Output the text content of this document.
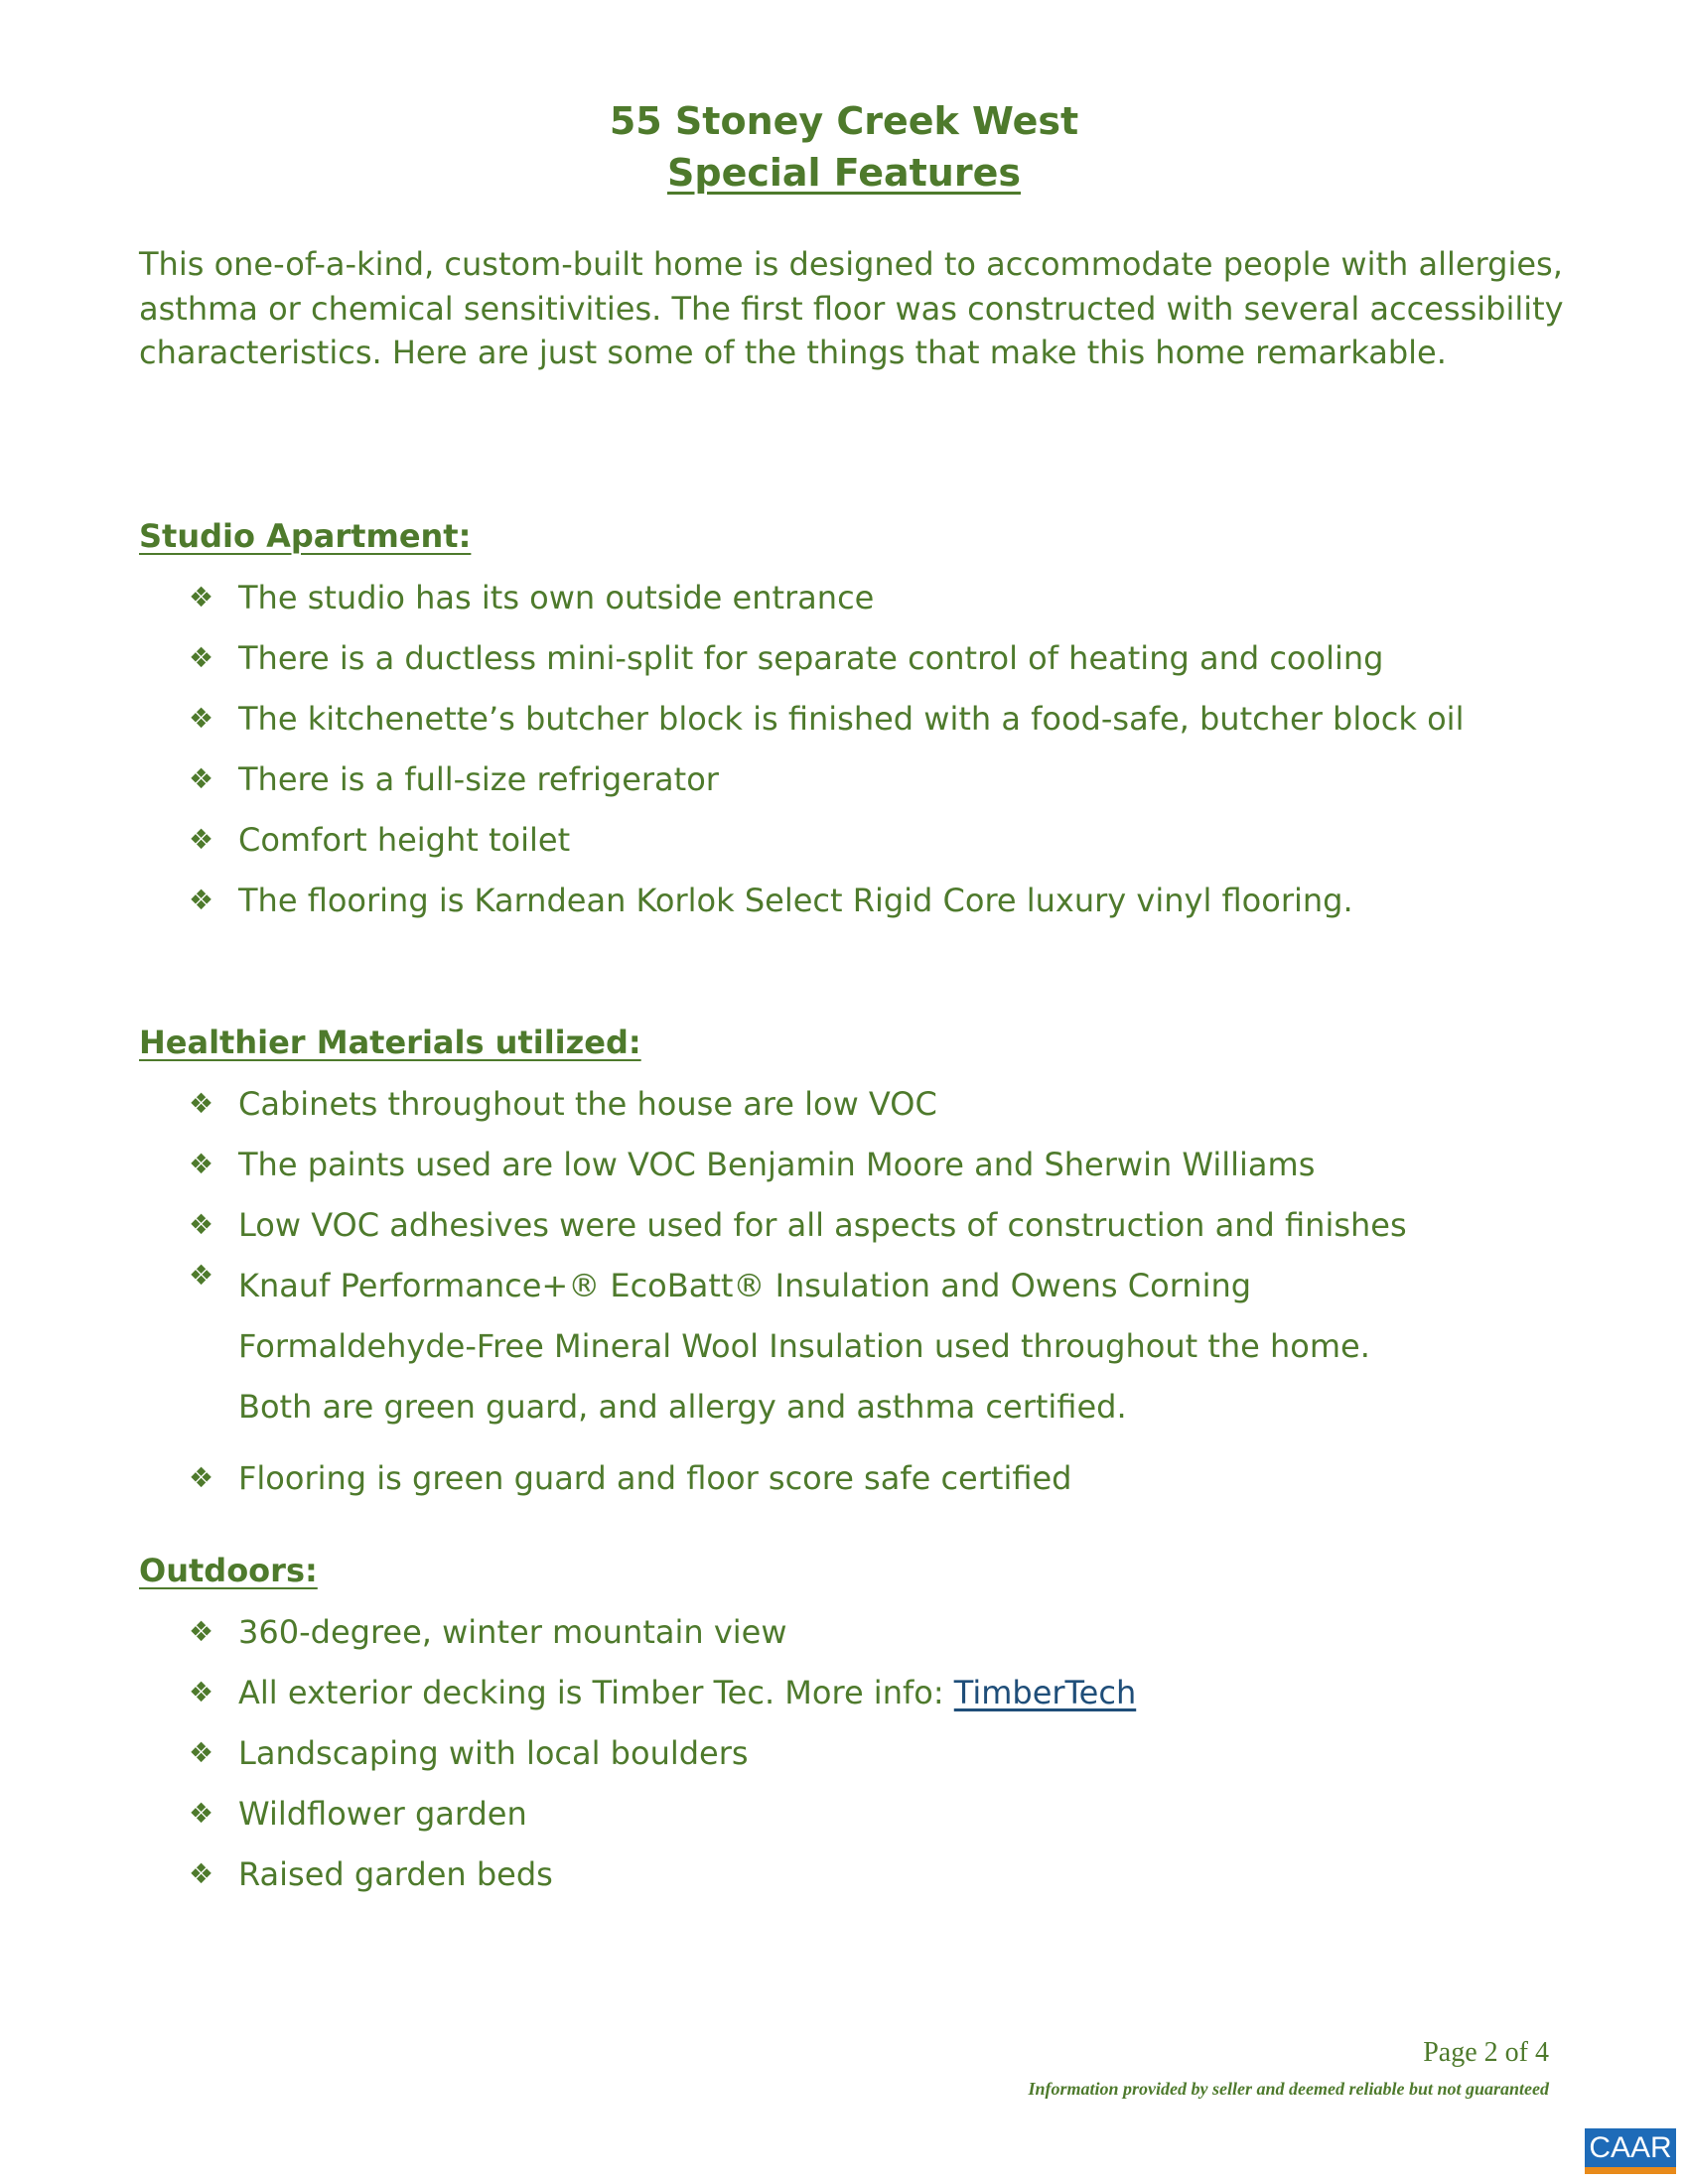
55 Stoney Creek West
Special Features

This one-of-a-kind, custom-built home is designed to accommodate people with allergies, asthma or chemical sensitivities. The first floor was constructed with several accessibility characteristics. Here are just some of the things that make this home remarkable.

Studio Apartment:
❖ The studio has its own outside entrance
❖ There is a ductless mini-split for separate control of heating and cooling
❖ The kitchenette’s butcher block is finished with a food-safe, butcher block oil
❖ There is a full-size refrigerator
❖ Comfort height toilet
❖ The flooring is Karndean Korlok Select Rigid Core luxury vinyl flooring.
Healthier Materials utilized:
❖ Cabinets throughout the house are low VOC
❖ The paints used are low VOC Benjamin Moore and Sherwin Williams
❖ Low VOC adhesives were used for all aspects of construction and finishes
❖ Knauf Performance+® EcoBatt® Insulation and Owens Corning Formaldehyde-Free Mineral Wool Insulation used throughout the home. Both are green guard, and allergy and asthma certified.
❖ Flooring is green guard and floor score safe certified
Outdoors:
❖ 360-degree, winter mountain view
❖ All exterior decking is Timber Tec. More info: TimberTech
❖ Landscaping with local boulders
❖ Wildflower garden
❖ Raised garden beds

Page 2 of 4

Information provided by seller and deemed reliable but not guaranteed

CAAR
